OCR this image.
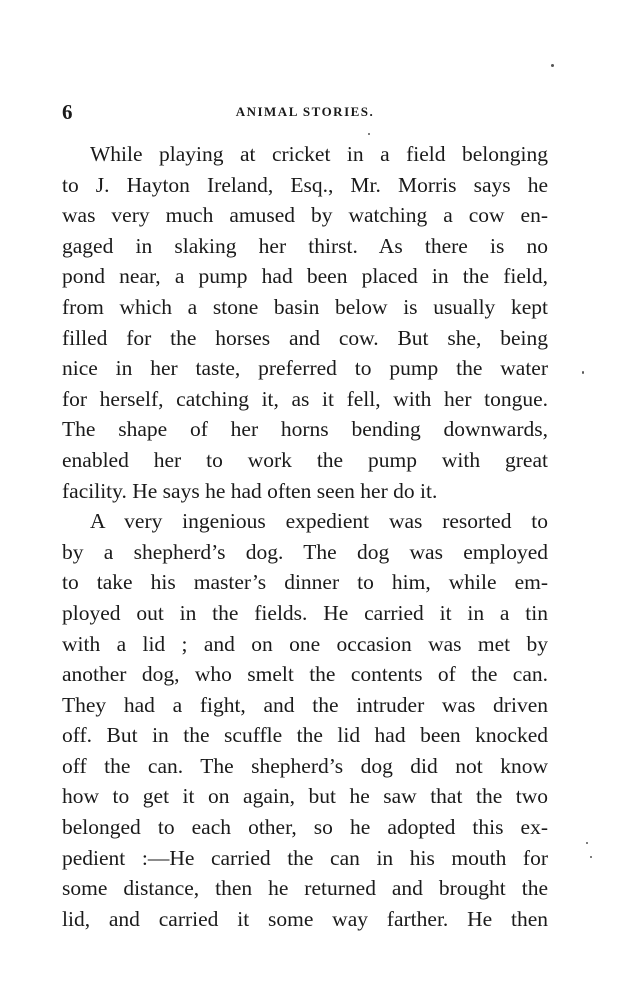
6	ANIMAL STORIES.
While playing at cricket in a field belonging
to J. Hayton Ireland, Esq., Mr. Morris says he
was very much amused by watching a cow en-
gaged in slaking her thirst. As there is no
pond near, a pump had been placed in the field,
from which a stone basin below is usually kept
filled for the horses and cow. But she, being
nice in her taste, preferred to pump the water
for herself, catching it, as it fell, with her tongue.
The shape of her horns bending downwards,
enabled her to work the pump with great
facility. He says he had often seen her do it.
A very ingenious expedient was resorted to
by a shepherd’s dog. The dog was employed
to take his master’s dinner to him, while em-
ployed out in the fields. He carried it in a tin
with a lid ; and on one occasion was met by
another dog, who smelt the contents of the can.
They had a fight, and the intruder was driven
off. But in the scuffle the lid had been knocked
off the can. The shepherd’s dog did not know
how to get it on again, but he saw that the two
belonged to each other, so he adopted this ex-
pedient :—He carried the can in his mouth for
some distance, then he returned and brought the
lid, and carried it some way farther. He then
